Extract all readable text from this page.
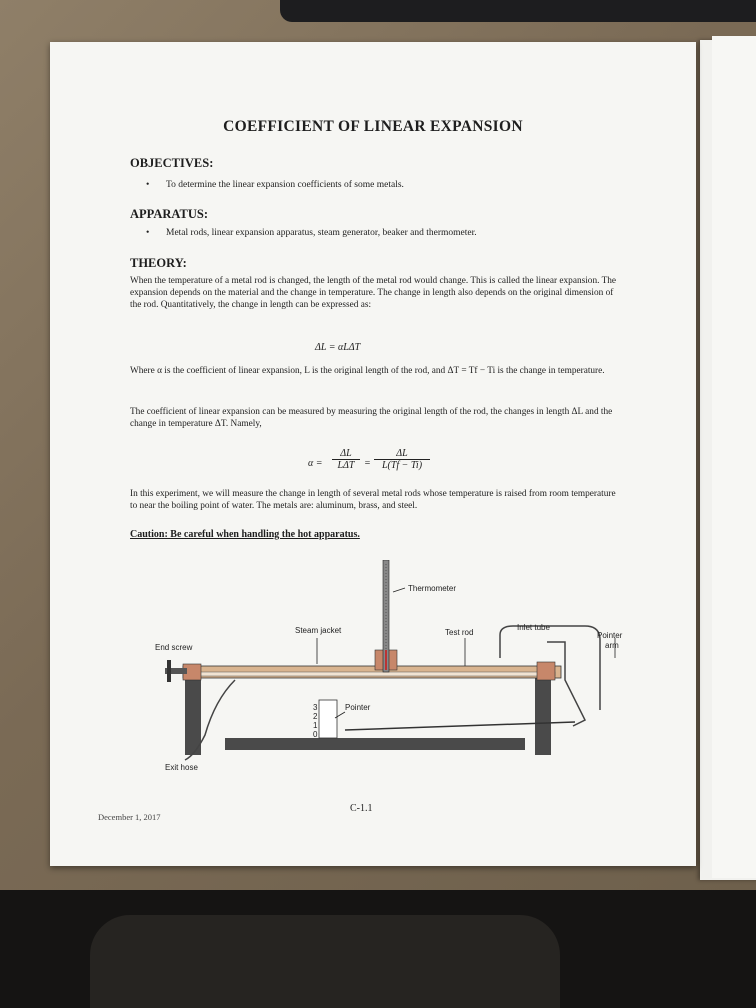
COEFFICIENT OF LINEAR EXPANSION
OBJECTIVES:
• To determine the linear expansion coefficients of some metals.
APPARATUS:
• Metal rods, linear expansion apparatus, steam generator, beaker and thermometer.
THEORY:
When the temperature of a metal rod is changed, the length of the metal rod would change. This is called the linear expansion. The expansion depends on the material and the change in temperature. The change in length also depends on the original dimension of the rod. Quantitatively, the change in length can be expressed as:
ΔL = αLΔT
Where α is the coefficient of linear expansion, L is the original length of the rod, and ΔT = Tf − Ti is the change in temperature.
The coefficient of linear expansion can be measured by measuring the original length of the rod, the changes in length ΔL and the change in temperature ΔT. Namely,
α =
ΔL
$L\Delta T = \frac{\Delta L}{L(Tf - Ti)}$
In this experiment, we will measure the change in length of several metal rods whose temperature is raised from room temperature to near the boiling point of water. The metals are: aluminum, brass, and steel.
Caution: Be careful when handling the hot apparatus.
3
2
1
0
Thermometer
Steam jacket	Test rod
Inlet tube
Pointer
arm
End screw
Pointer
Exit hose
December 1, 2017
C-1.1
